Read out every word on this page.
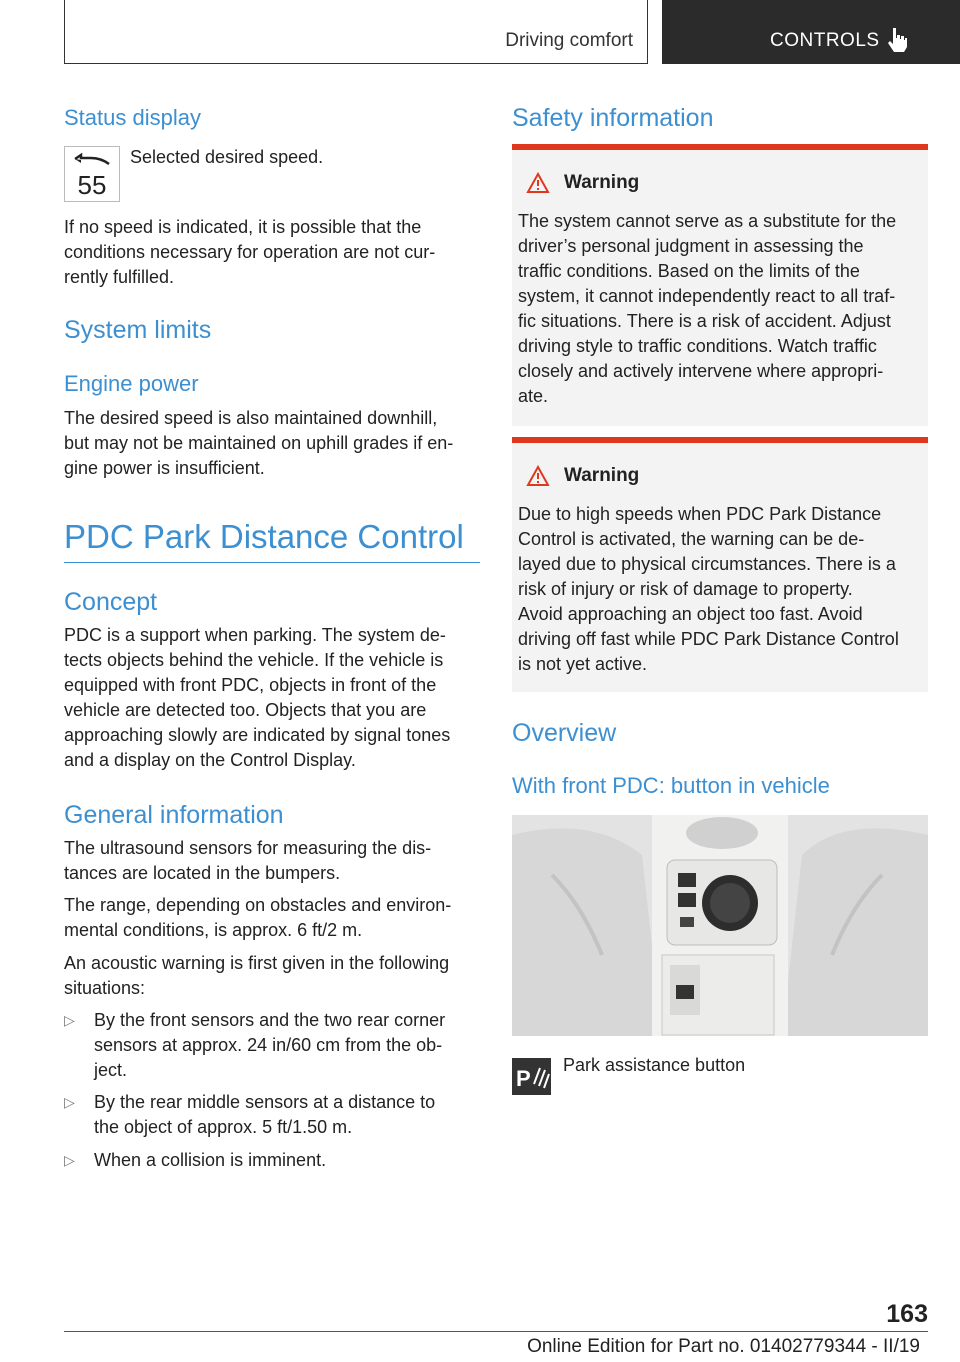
Driving comfort	CONTROLS
Status display
55

Selected desired speed.

If no speed is indicated, it is possible that the
conditions necessary for operation are not cur-
rently fulfilled.

System limits
Engine power

The desired speed is also maintained downhill,
but may not be maintained on uphill grades if en-
gine power is insufficient.

PDC Park Distance Control
Concept

PDC is a support when parking. The system de-
tects objects behind the vehicle. If the vehicle is
equipped with front PDC, objects in front of the
vehicle are detected too. Objects that you are
approaching slowly are indicated by signal tones
and a display on the Control Display.

General information

The ultrasound sensors for measuring the dis-
tances are located in the bumpers.

The range, depending on obstacles and environ-
mental conditions, is approx. 6 ft/2 m.

An acoustic warning is first given in the following
situations:

▷ By the front sensors and the two rear corner
sensors at approx. 24 in/60 cm from the ob-
ject.
▷ By the rear middle sensors at a distance to
the object of approx. 5 ft/1.50 m.
▷ When a collision is imminent.
Safety information
Warning

The system cannot serve as a substitute for the
driver’s personal judgment in assessing the
traffic conditions. Based on the limits of the
system, it cannot independently react to all traf-
fic situations. There is a risk of accident. Adjust
driving style to traffic conditions. Watch traffic
closely and actively intervene where appropri-
ate.

Warning

Due to high speeds when PDC Park Distance
Control is activated, the warning can be de-
layed due to physical circumstances. There is a
risk of injury or risk of damage to property.
Avoid approaching an object too fast. Avoid
driving off fast while PDC Park Distance Control
is not yet active.

Overview
With front PDC: button in vehicle
P

Park assistance button

163
Online Edition for Part no. 01402779344 - II/19
